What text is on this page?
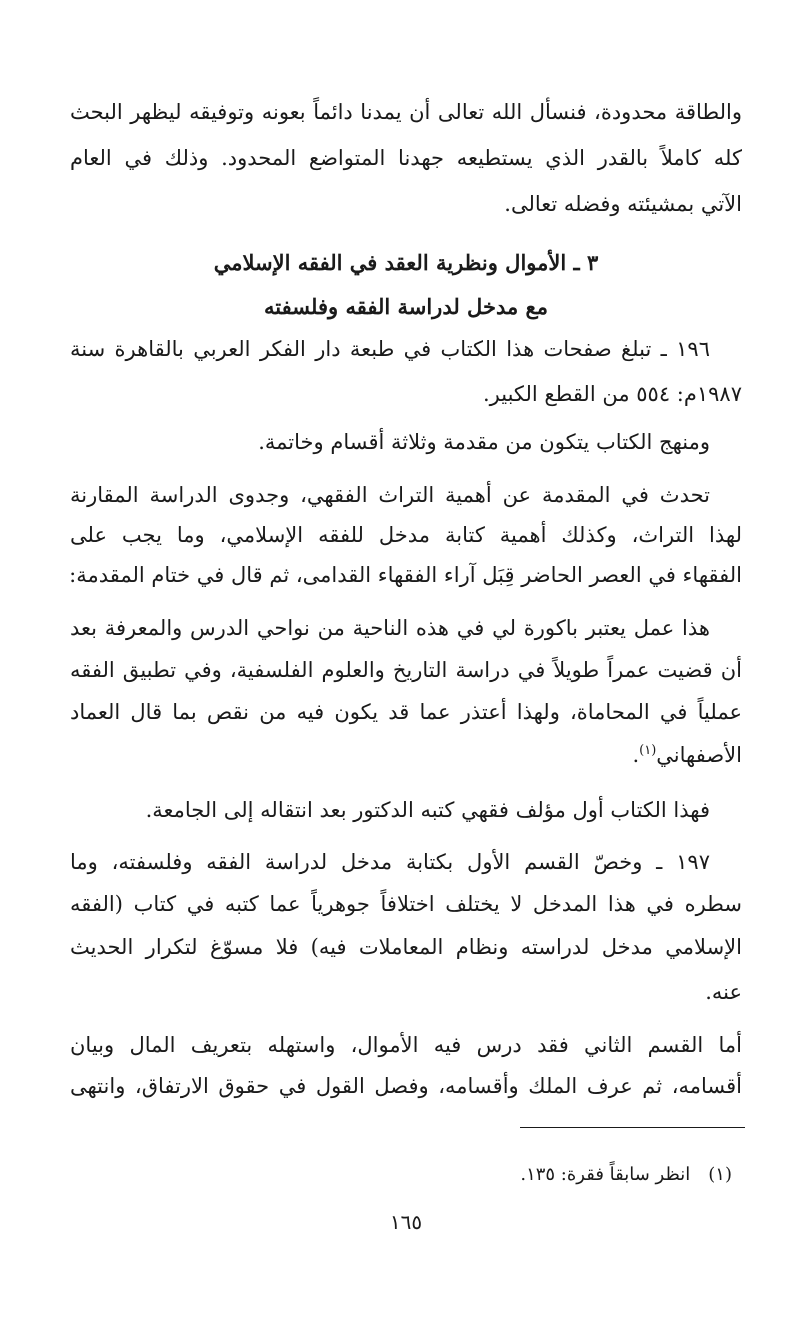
والطاقة محدودة، فنسأل الله تعالى أن يمدنا دائماً بعونه وتوفيقه ليظهر البحث
كله كاملاً بالقدر الذي يستطيعه جهدنا المتواضع المحدود. وذلك في العام
الآتي بمشيئته وفضله تعالى.
٣ ـ الأموال ونظرية العقد في الفقه الإسلامي
مع مدخل لدراسة الفقه وفلسفته
١٩٦ ـ تبلغ صفحات هذا الكتاب في طبعة دار الفكر العربي بالقاهرة سنة
١٩٨٧م: ٥٥٤ من القطع الكبير.
ومنهج الكتاب يتكون من مقدمة وثلاثة أقسام وخاتمة.
تحدث في المقدمة عن أهمية التراث الفقهي، وجدوى الدراسة المقارنة
لهذا التراث، وكذلك أهمية كتابة مدخل للفقه الإسلامي، وما يجب على
الفقهاء في العصر الحاضر قِبَل آراء الفقهاء القدامى، ثم قال في ختام المقدمة:
هذا عمل يعتبر باكورة لي في هذه الناحية من نواحي الدرس والمعرفة بعد
أن قضيت عمراً طويلاً في دراسة التاريخ والعلوم الفلسفية، وفي تطبيق الفقه
عملياً في المحاماة، ولهذا أعتذر عما قد يكون فيه من نقص بما قال العماد
الأصفهاني$^{(١)}$.
فهذا الكتاب أول مؤلف فقهي كتبه الدكتور بعد انتقاله إلى الجامعة.
١٩٧ ـ وخصّ القسم الأول بكتابة مدخل لدراسة الفقه وفلسفته، وما
سطره في هذا المدخل لا يختلف اختلافاً جوهرياً عما كتبه في كتاب (الفقه
الإسلامي مدخل لدراسته ونظام المعاملات فيه) فلا مسوّغ لتكرار الحديث
عنه.
أما القسم الثاني فقد درس فيه الأموال، واستهله بتعريف المال وبيان
أقسامه، ثم عرف الملك وأقسامه، وفصل القول في حقوق الارتفاق، وانتهى
(١)انظر سابقاً فقرة: ١٣٥.
١٦٥
